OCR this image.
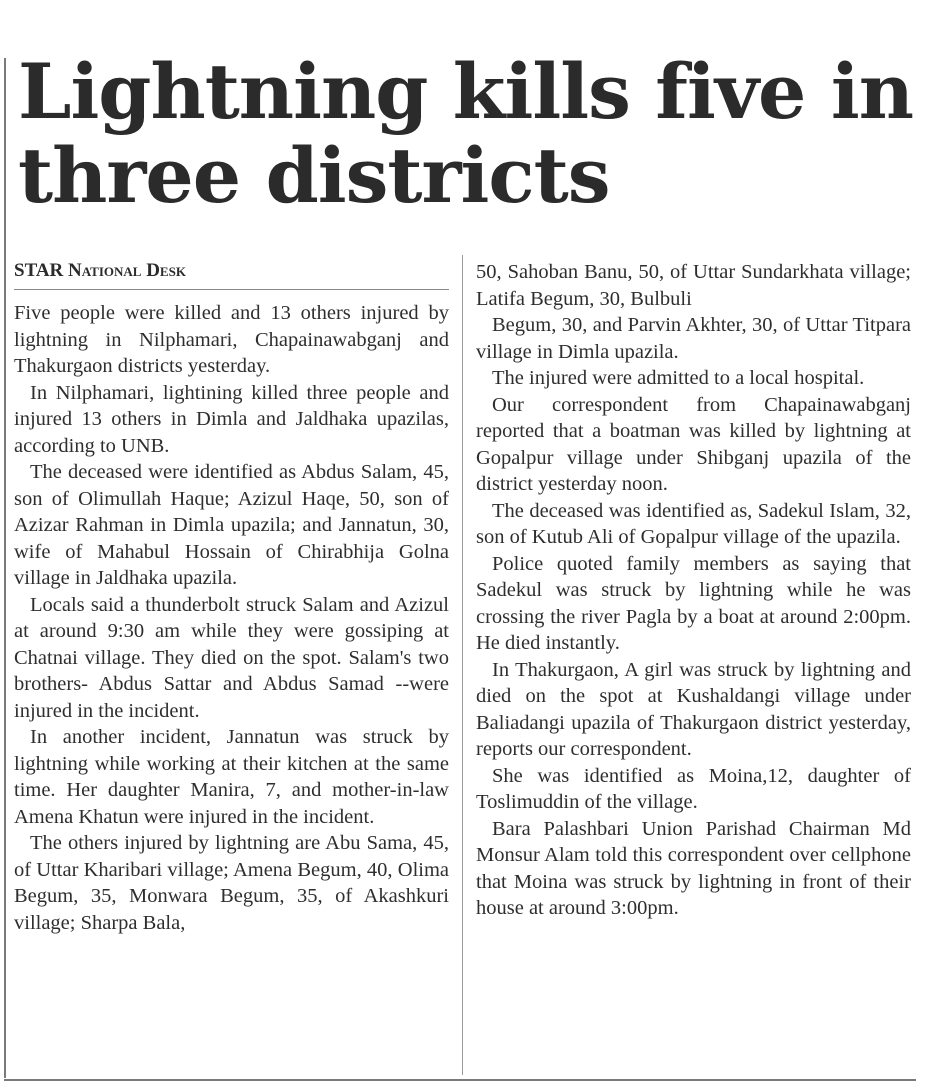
Lightning kills five in three districts
STAR National Desk

Five people were killed and 13 others injured by lightning in Nilphamari, Chapainawabganj and Thakurgaon districts yesterday.

In Nilphamari, lightining killed three people and injured 13 others in Dimla and Jaldhaka upazilas, according to UNB.

The deceased were identified as Abdus Salam, 45, son of Olimullah Haque; Azizul Haqe, 50, son of Azizar Rahman in Dimla upazila; and Jannatun, 30, wife of Mahabul Hossain of Chirabhija Golna village in Jaldhaka upazila.

Locals said a thunderbolt struck Salam and Azizul at around 9:30 am while they were gossiping at Chatnai village. They died on the spot. Salam's two brothers- Abdus Sattar and Abdus Samad --were injured in the incident.

In another incident, Jannatun was struck by lightning while working at their kitchen at the same time. Her daughter Manira, 7, and mother-in-law Amena Khatun were injured in the incident.

The others injured by lightning are Abu Sama, 45, of Uttar Kharibari village; Amena Begum, 40, Olima Begum, 35, Monwara Begum, 35, of Akashkuri village; Sharpa Bala,

50, Sahoban Banu, 50, of Uttar Sundarkhata village; Latifa Begum, 30, Bulbuli

Begum, 30, and Parvin Akhter, 30, of Uttar Titpara village in Dimla upazila.

The injured were admitted to a local hospital.

Our correspondent from Chapainawabganj reported that a boatman was killed by lightning at Gopalpur village under Shibganj upazila of the district yesterday noon.

The deceased was identified as, Sadekul Islam, 32, son of Kutub Ali of Gopalpur village of the upazila.

Police quoted family members as saying that Sadekul was struck by lightning while he was crossing the river Pagla by a boat at around 2:00pm. He died instantly.

In Thakurgaon, A girl was struck by lightning and died on the spot at Kushaldangi village under Baliadangi upazila of Thakurgaon district yesterday, reports our correspondent.

She was identified as Moina,12, daughter of Toslimuddin of the village.

Bara Palashbari Union Parishad Chairman Md Monsur Alam told this correspondent over cellphone that Moina was struck by lightning in front of their house at around 3:00pm.
